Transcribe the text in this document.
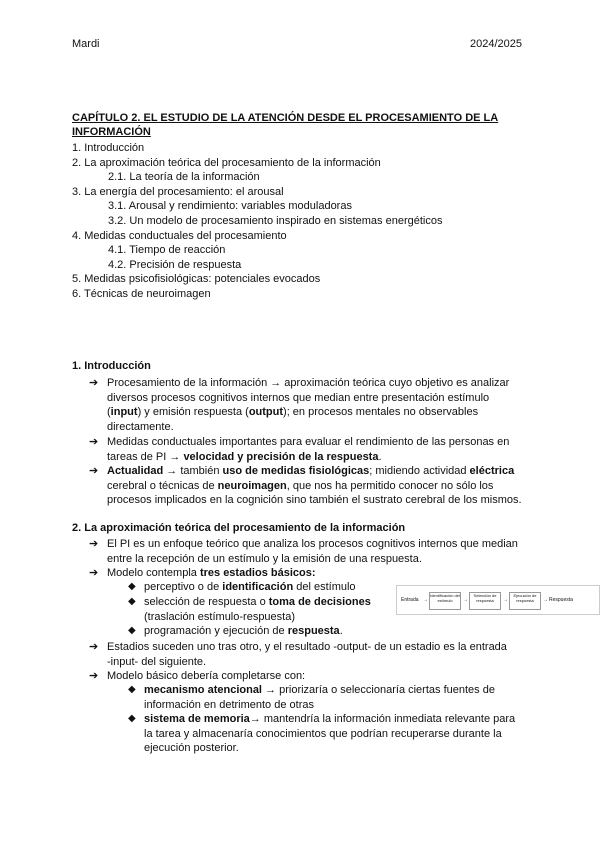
Mardi	2024/2025
CAPÍTULO 2. EL ESTUDIO DE LA ATENCIÓN DESDE EL PROCESAMIENTO DE LA
INFORMACIÓN
1. Introducción
2. La aproximación teórica del procesamiento de la información
2.1. La teoría de la información
3. La energía del procesamiento: el arousal
3.1. Arousal y rendimiento: variables moduladoras
3.2. Un modelo de procesamiento inspirado en sistemas energéticos
4. Medidas conductuales del procesamiento
4.1. Tiempo de reacción
4.2. Precisión de respuesta
5. Medidas psicofisiológicas: potenciales evocados
6. Técnicas de neuroimagen
1. Introducción
➔ Procesamiento de la información → aproximación teórica cuyo objetivo es analizar
diversos procesos cognitivos internos que median entre presentación estímulo
(input) y emisión respuesta (output); en procesos mentales no observables
directamente.
➔ Medidas conductuales importantes para evaluar el rendimiento de las personas en
tareas de PI → velocidad y precisión de la respuesta.
➔ Actualidad → también uso de medidas fisiológicas; midiendo actividad eléctrica
cerebral o técnicas de neuroimagen, que nos ha permitido conocer no sólo los
procesos implicados en la cognición sino también el sustrato cerebral de los mismos.
2. La aproximación teórica del procesamiento de la información
➔ El PI es un enfoque teórico que analiza los procesos cognitivos internos que median
entre la recepción de un estímulo y la emisión de una respuesta.
➔ Modelo contempla tres estadios básicos:
◆ perceptivo o de identificación del estímulo
◆ selección de respuesta o toma de decisiones
(traslación estímulo-respuesta)
◆ programación y ejecución de respuesta.
Entrada →
Identificación del estímulo	→
Selección de respuesta	→
Ejecución de respuesta	→ Respuesta
➔ Estadios suceden uno tras otro, y el resultado -output- de un estadio es la entrada
-input- del siguiente.
➔ Modelo básico debería completarse con:
◆ mecanismo atencional → priorizaría o seleccionaría ciertas fuentes de
información en detrimento de otras
◆ sistema de memoria→ mantendría la información inmediata relevante para
la tarea y almacenaría conocimientos que podrían recuperarse durante la
ejecución posterior.
